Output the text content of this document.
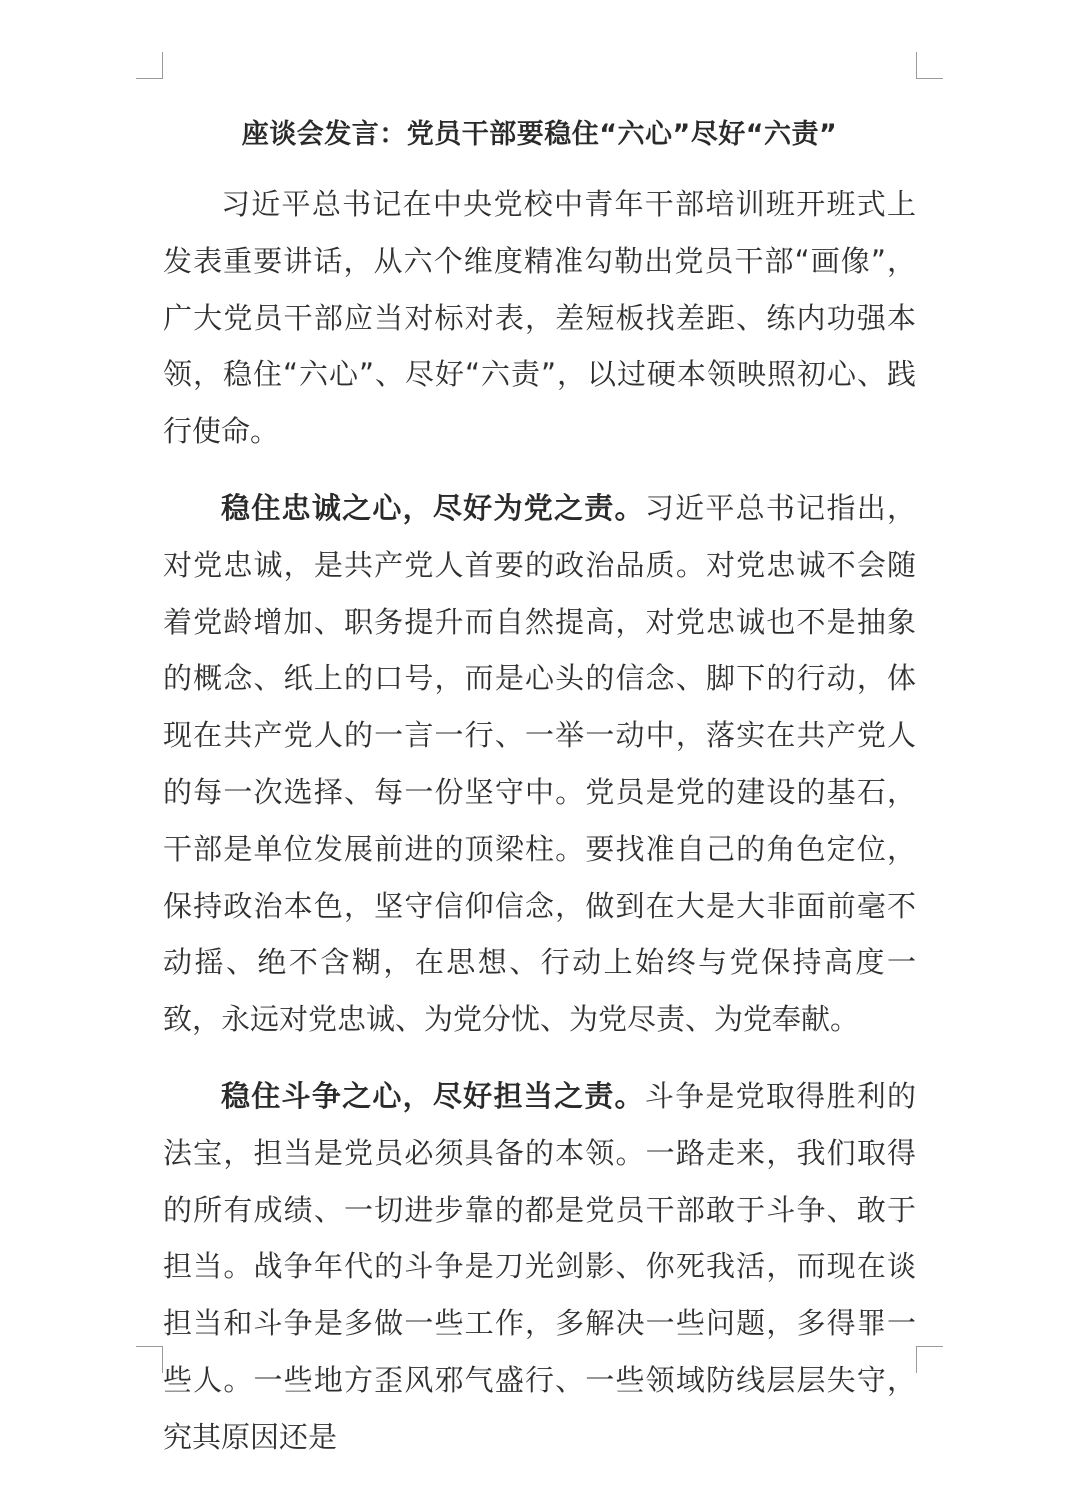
座谈会发言：党员干部要稳住“六心”尽好“六责”

习近平总书记在中央党校中青年干部培训班开班式上发表重要讲话，从六个维度精准勾勒出党员干部“画像”，广大党员干部应当对标对表，差短板找差距、练内功强本领，稳住“六心”、尽好“六责”，以过硬本领映照初心、践行使命。

稳住忠诚之心，尽好为党之责。习近平总书记指出，对党忠诚，是共产党人首要的政治品质。对党忠诚不会随着党龄增加、职务提升而自然提高，对党忠诚也不是抽象的概念、纸上的口号，而是心头的信念、脚下的行动，体现在共产党人的一言一行、一举一动中，落实在共产党人的每一次选择、每一份坚守中。党员是党的建设的基石，干部是单位发展前进的顶梁柱。要找准自己的角色定位，保持政治本色，坚守信仰信念，做到在大是大非面前毫不动摇、绝不含糊，在思想、行动上始终与党保持高度一致，永远对党忠诚、为党分忧、为党尽责、为党奉献。

稳住斗争之心，尽好担当之责。斗争是党取得胜利的法宝，担当是党员必须具备的本领。一路走来，我们取得的所有成绩、一切进步靠的都是党员干部敢于斗争、敢于担当。战争年代的斗争是刀光剑影、你死我活，而现在谈担当和斗争是多做一些工作，多解决一些问题，多得罪一些人。一些地方歪风邪气盛行、一些领域防线层层失守，究其原因还是
